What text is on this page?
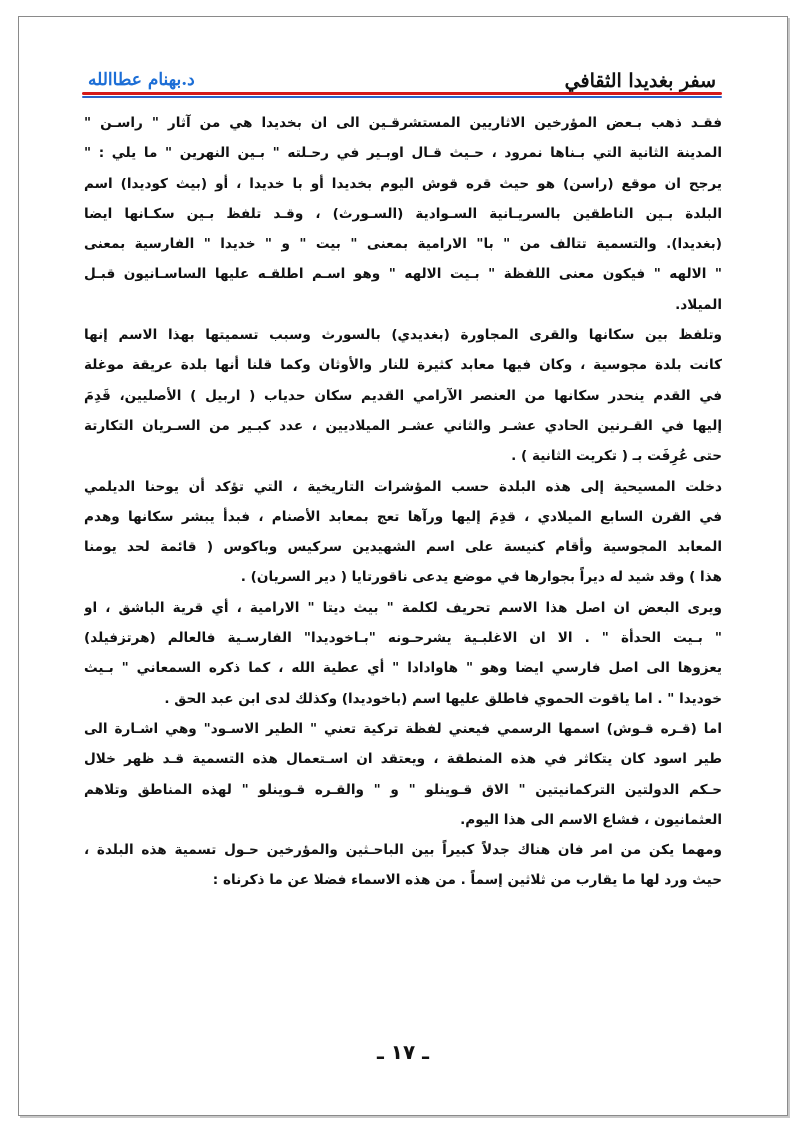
سفر بغديدا الثقافي
د.بهنام عطاالله
فقـد ذهب بـعض المؤرخين الاثاريين المستشرقـين الى ان بخديدا هي من آثار " راسـن "
المدينة الثانية التي بـناها نمرود ، حـيث قـال اوبـير في رحـلته " بـين النهرين " ما يلي : "
يرجح ان موقع (راسن) هو حيث قره قوش اليوم بخديدا أو با خديدا ، أو (بيث كوديدا) اسم
البلدة بـين الناطقين بالسريـانية السـوادية (السـورث) ، وقـد تلفظ بـين سكـانها ايضا
(بغديدا). والتسمية تتالف من " با" الارامية بمعنى " بيت " و " خديدا " الفارسية بمعنى
" الالهه " فيكون معنى اللفظة " بـيت الالهه " وهو اسـم اطلقـه عليها الساسـانيون قبـل
الميلاد.
وتلفظ بين سكانها والقرى المجاورة (بغديدي) بالسورث وسبب تسميتها بهذا الاسم إنها
كانت بلدة مجوسية ، وكان فيها معابد كثيرة للنار والأوثان وكما قلنا أنها بلدة عريقة موغلة
في القدم ينحدر سكانها من العنصر الآرامي القديم سكان حدياب ( اربيل ) الأصليين، قَدِمَ
إليها في القـرنين الحادي عشـر والثاني عشـر الميلاديين ، عدد كبـير من السـريان التكارتة
حتى عُرِفَت بـ ( تكريت الثانية ) .
دخلت المسيحية إلى هذه البلدة حسب المؤشرات التاريخية ، التي تؤكد أن يوحنا الديلمي
في القرن السابع الميلادي ، قدِمَ إليها ورآها تعج بمعابد الأصنام ، فبدأ يبشر سكانها وهدم
المعابد المجوسية وأقام كنيسة على اسم الشهيدين سركيس وباكوس ( قائمة لحد يومنا
هذا ) وقد شيد له ديراً بجوارها في موضع يدعى ناقورتايا ( دير السريان) .
ويرى البعض ان اصل هذا الاسم تحريف لكلمة " بيث ديتا " الارامية ، أي قرية الباشق ، او
" بـيت الحدأة " . الا ان الاغلبـية يشرحـونه "بـاخوديدا" الفارسـية فالعالم (هرتزفيلد)
يعزوها الى اصل فارسي ايضا وهو " هاوادادا " أي عطية الله ، كما ذكره السمعاني " بـيث
خوديدا " . اما ياقوت الحموي فاطلق عليها اسم (باخوديدا) وكذلك لدى ابن عبد الحق .
اما (قـره قـوش) اسمها الرسمي فيعني لفظة تركية تعني " الطير الاسـود" وهي اشـارة الى
طير اسود كان يتكاثر في هذه المنطقة ، ويعتقد ان اسـتعمال هذه التسمية قـد ظهر خلال
حـكم الدولتين التركمانيتين " الاق قـوينلو " و " والقـره قـوينلو " لهذه المناطق وتلاهم
العثمانيون ، فشاع الاسم الى هذا اليوم.
ومهما يكن من امر فان هناك جدلاً كبيراً بين الباحـثين والمؤرخين حـول تسمية هذه البلدة ،
حيث ورد لها ما يقارب من ثلاثين إسماً . من هذه الاسماء فضلا عن ما ذكرناه :
ـ ١٧ ـ
